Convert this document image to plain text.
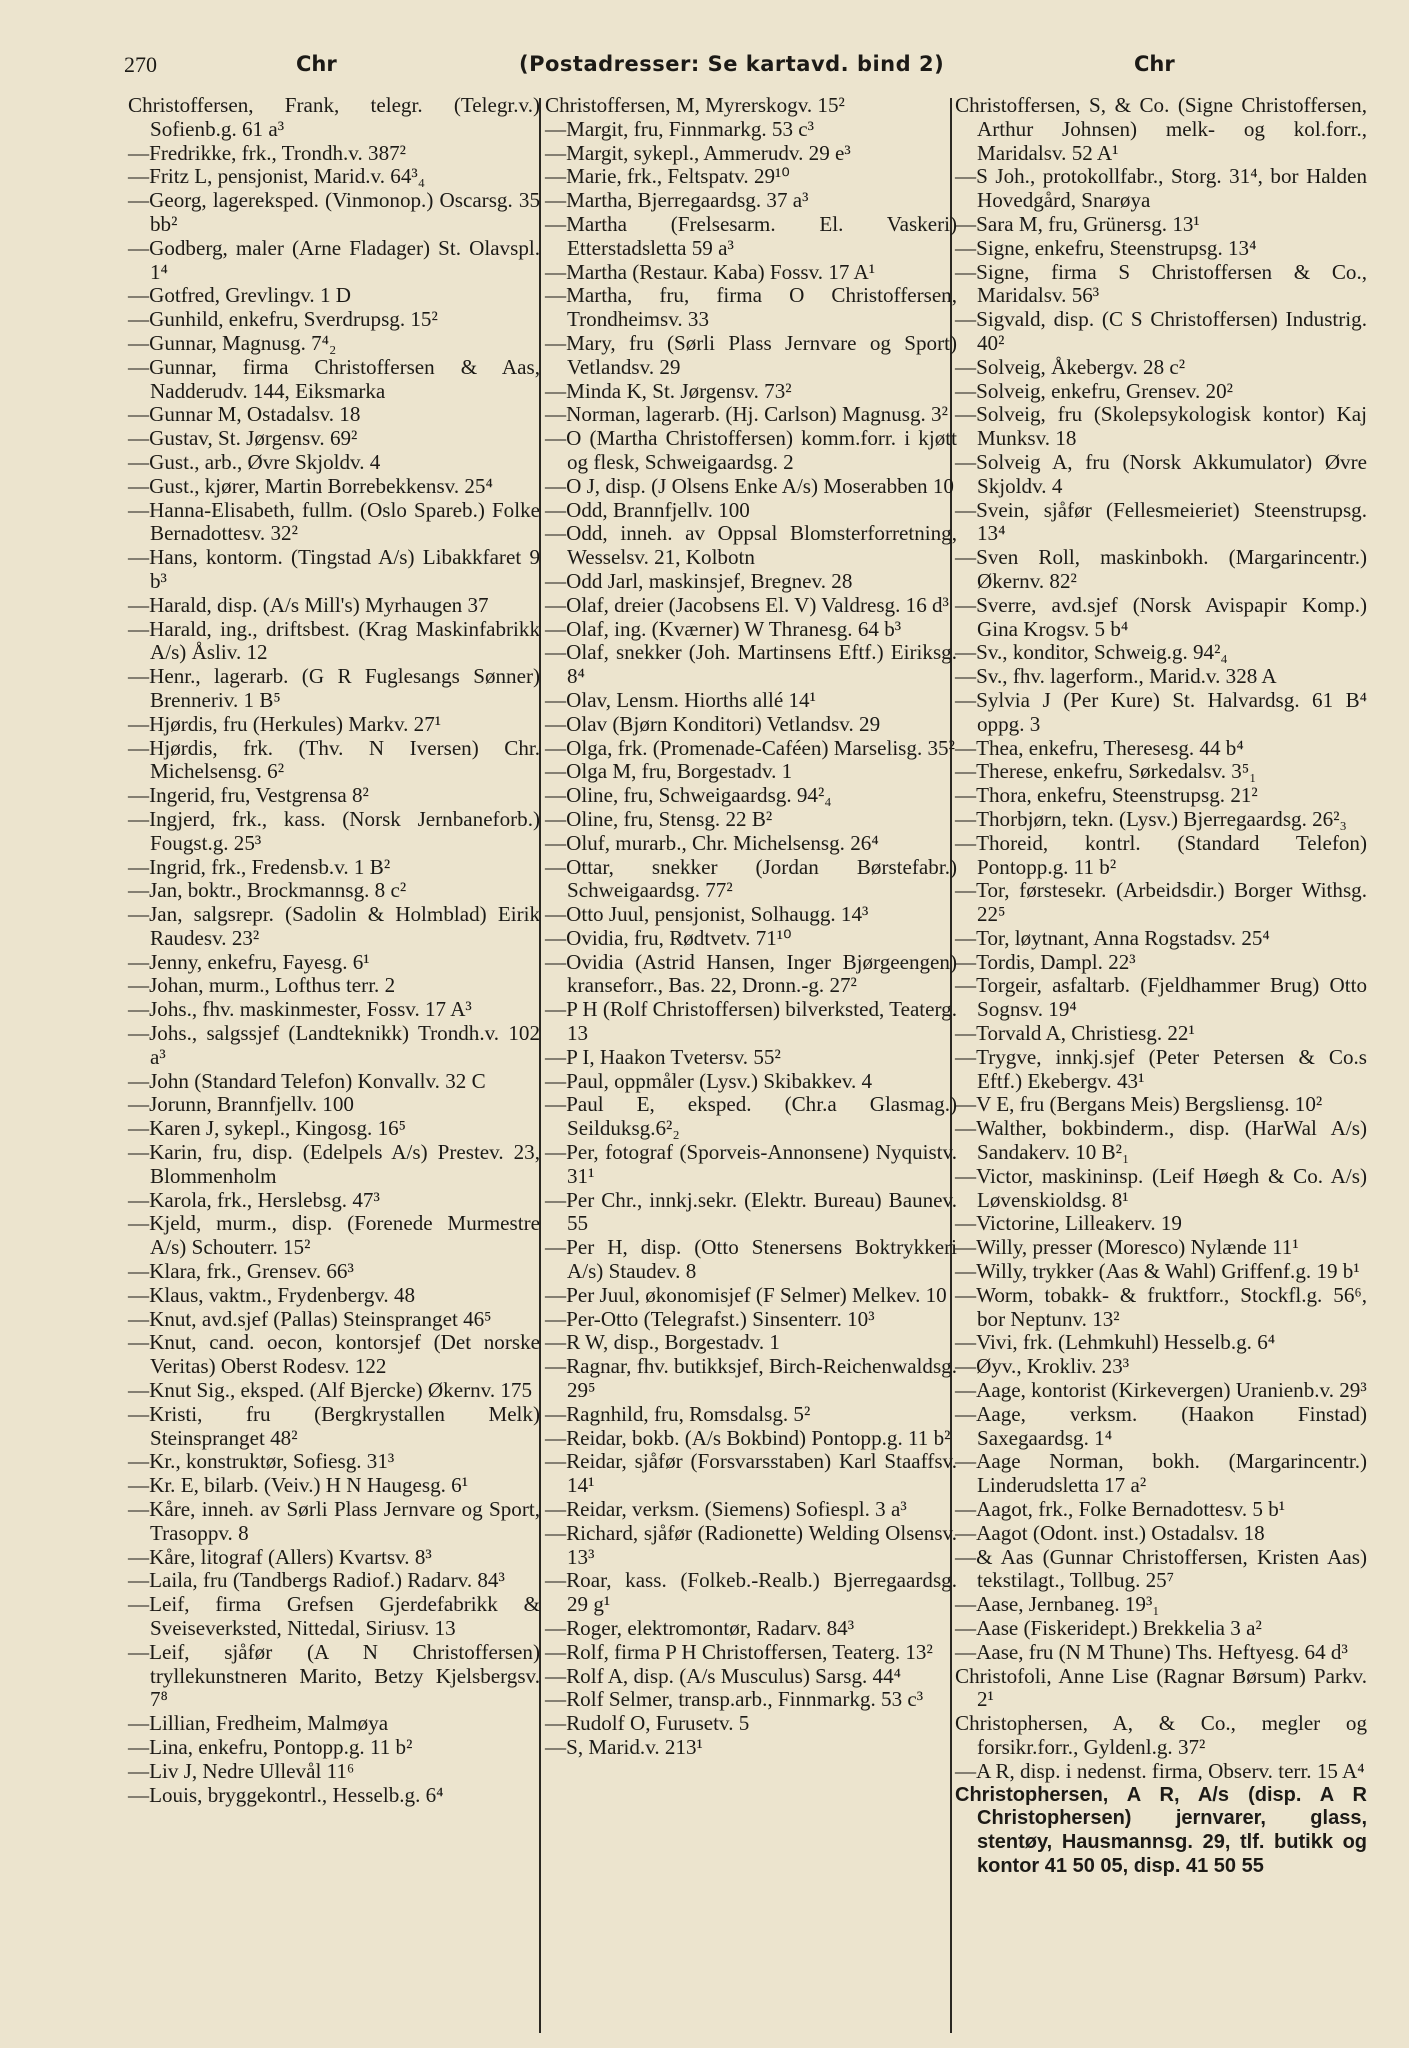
270	Chr	(Postadresser: Se kartavd. bind 2)	Chr

Christoffersen, Frank, telegr. (Telegr.v.) Sofienb.g. 61 a³

—Fredrikke, frk., Trondh.v. 387²

—Fritz L, pensjonist, Marid.v. 64³₄

—Georg, lagereksped. (Vinmonop.) Oscarsg. 35 bb²

—Godberg, maler (Arne Fladager) St. Olavspl. 1⁴

—Gotfred, Grevlingv. 1 D

—Gunhild, enkefru, Sverdrupsg. 15²

—Gunnar, Magnusg. 7⁴₂

—Gunnar, firma Christoffersen & Aas, Nadderudv. 144, Eiksmarka

—Gunnar M, Ostadalsv. 18

—Gustav, St. Jørgensv. 69²

—Gust., arb., Øvre Skjoldv. 4

—Gust., kjører, Martin Borrebekkensv. 25⁴

—Hanna-Elisabeth, fullm. (Oslo Spareb.) Folke Bernadottesv. 32²

—Hans, kontorm. (Tingstad A/s) Libakkfaret 9 b³

—Harald, disp. (A/s Mill's) Myrhaugen 37

—Harald, ing., driftsbest. (Krag Maskinfabrikk A/s) Åsliv. 12

—Henr., lagerarb. (G R Fuglesangs Sønner) Brenneriv. 1 B⁵

—Hjørdis, fru (Herkules) Markv. 27¹

—Hjørdis, frk. (Thv. N Iversen) Chr. Michelsensg. 6²

—Ingerid, fru, Vestgrensa 8²

—Ingjerd, frk., kass. (Norsk Jernbaneforb.) Fougst.g. 25³

—Ingrid, frk., Fredensb.v. 1 B²

—Jan, boktr., Brockmannsg. 8 c²

—Jan, salgsrepr. (Sadolin & Holmblad) Eirik Raudesv. 23²

—Jenny, enkefru, Fayesg. 6¹

—Johan, murm., Lofthus terr. 2

—Johs., fhv. maskinmester, Fossv. 17 A³

—Johs., salgssjef (Landteknikk) Trondh.v. 102 a³

—John (Standard Telefon) Konvallv. 32 C

—Jorunn, Brannfjellv. 100

—Karen J, sykepl., Kingosg. 16⁵

—Karin, fru, disp. (Edelpels A/s) Prestev. 23, Blommenholm

—Karola, frk., Herslebsg. 47³

—Kjeld, murm., disp. (Forenede Murmestre A/s) Schouterr. 15²

—Klara, frk., Grensev. 66³

—Klaus, vaktm., Frydenbergv. 48

—Knut, avd.sjef (Pallas) Steinspranget 46⁵

—Knut, cand. oecon, kontorsjef (Det norske Veritas) Oberst Rodesv. 122

—Knut Sig., eksped. (Alf Bjercke) Økernv. 175

—Kristi, fru (Bergkrystallen Melk) Steinspranget 48²

—Kr., konstruktør, Sofiesg. 31³

—Kr. E, bilarb. (Veiv.) H N Haugesg. 6¹

—Kåre, inneh. av Sørli Plass Jernvare og Sport, Trasoppv. 8

—Kåre, litograf (Allers) Kvartsv. 8³

—Laila, fru (Tandbergs Radiof.) Radarv. 84³

—Leif, firma Grefsen Gjerdefabrikk & Sveiseverksted, Nittedal, Siriusv. 13

—Leif, sjåfør (A N Christoffersen) tryllekunstneren Marito, Betzy Kjelsbergsv. 7⁸

—Lillian, Fredheim, Malmøya

—Lina, enkefru, Pontopp.g. 11 b²

—Liv J, Nedre Ullevål 11⁶

—Louis, bryggekontrl., Hesselb.g. 6⁴

Christoffersen, M, Myrerskogv. 15²

—Margit, fru, Finnmarkg. 53 c³

—Margit, sykepl., Ammerudv. 29 e³

—Marie, frk., Feltspatv. 29¹⁰

—Martha, Bjerregaardsg. 37 a³

—Martha (Frelsesarm. El. Vaskeri) Etterstadsletta 59 a³

—Martha (Restaur. Kaba) Fossv. 17 A¹

—Martha, fru, firma O Christoffersen, Trondheimsv. 33

—Mary, fru (Sørli Plass Jernvare og Sport) Vetlandsv. 29

—Minda K, St. Jørgensv. 73²

—Norman, lagerarb. (Hj. Carlson) Magnusg. 3²

—O (Martha Christoffersen) komm.forr. i kjøtt og flesk, Schweigaardsg. 2

—O J, disp. (J Olsens Enke A/s) Moserabben 10

—Odd, Brannfjellv. 100

—Odd, inneh. av Oppsal Blomsterforretning, Wesselsv. 21, Kolbotn

—Odd Jarl, maskinsjef, Bregnev. 28

—Olaf, dreier (Jacobsens El. V) Valdresg. 16 d³

—Olaf, ing. (Kværner) W Thranesg. 64 b³

—Olaf, snekker (Joh. Martinsens Eftf.) Eiriksg. 8⁴

—Olav, Lensm. Hiorths allé 14¹

—Olav (Bjørn Konditori) Vetlandsv. 29

—Olga, frk. (Promenade-Caféen) Marselisg. 35²

—Olga M, fru, Borgestadv. 1

—Oline, fru, Schweigaardsg. 94²₄

—Oline, fru, Stensg. 22 B²

—Oluf, murarb., Chr. Michelsensg. 26⁴

—Ottar, snekker (Jordan Børstefabr.) Schweigaardsg. 77²

—Otto Juul, pensjonist, Solhaugg. 14³

—Ovidia, fru, Rødtvetv. 71¹⁰

—Ovidia (Astrid Hansen, Inger Bjørgeengen) kranseforr., Bas. 22, Dronn.-g. 27²

—P H (Rolf Christoffersen) bilverksted, Teaterg. 13

—P I, Haakon Tvetersv. 55²

—Paul, oppmåler (Lysv.) Skibakkev. 4

—Paul E, eksped. (Chr.a Glasmag.) Seilduksg.6²₂

—Per, fotograf (Sporveis-Annonsene) Nyquistv. 31¹

—Per Chr., innkj.sekr. (Elektr. Bureau) Baunev. 55

—Per H, disp. (Otto Stenersens Boktrykkeri A/s) Staudev. 8

—Per Juul, økonomisjef (F Selmer) Melkev. 10

—Per-Otto (Telegrafst.) Sinsenterr. 10³

—R W, disp., Borgestadv. 1

—Ragnar, fhv. butikksjef, Birch-Reichenwaldsg. 29⁵

—Ragnhild, fru, Romsdalsg. 5²

—Reidar, bokb. (A/s Bokbind) Pontopp.g. 11 b²

—Reidar, sjåfør (Forsvarsstaben) Karl Staaffsv. 14¹

—Reidar, verksm. (Siemens) Sofiespl. 3 a³

—Richard, sjåfør (Radionette) Welding Olsensv. 13³

—Roar, kass. (Folkeb.-Realb.) Bjerregaardsg. 29 g¹

—Roger, elektromontør, Radarv. 84³

—Rolf, firma P H Christoffersen, Teaterg. 13²

—Rolf A, disp. (A/s Musculus) Sarsg. 44⁴

—Rolf Selmer, transp.arb., Finnmarkg. 53 c³

—Rudolf O, Furusetv. 5

—S, Marid.v. 213¹

Christoffersen, S, & Co. (Signe Christoffersen, Arthur Johnsen) melk- og kol.forr., Maridalsv. 52 A¹

—S Joh., protokollfabr., Storg. 31⁴, bor Halden Hovedgård, Snarøya

—Sara M, fru, Grünersg. 13¹

—Signe, enkefru, Steenstrupsg. 13⁴

—Signe, firma S Christoffersen & Co., Maridalsv. 56³

—Sigvald, disp. (C S Christoffersen) Industrig. 40²

—Solveig, Åkebergv. 28 c²

—Solveig, enkefru, Grensev. 20²

—Solveig, fru (Skolepsykologisk kontor) Kaj Munksv. 18

—Solveig A, fru (Norsk Akkumulator) Øvre Skjoldv. 4

—Svein, sjåfør (Fellesmeieriet) Steenstrupsg. 13⁴

—Sven Roll, maskinbokh. (Margarincentr.) Økernv. 82²

—Sverre, avd.sjef (Norsk Avispapir Komp.) Gina Krogsv. 5 b⁴

—Sv., konditor, Schweig.g. 94²₄

—Sv., fhv. lagerform., Marid.v. 328 A

—Sylvia J (Per Kure) St. Halvardsg. 61 B⁴ oppg. 3

—Thea, enkefru, Theresesg. 44 b⁴

—Therese, enkefru, Sørkedalsv. 3⁵₁

—Thora, enkefru, Steenstrupsg. 21²

—Thorbjørn, tekn. (Lysv.) Bjerregaardsg. 26²₃

—Thoreid, kontrl. (Standard Telefon) Pontopp.g. 11 b²

—Tor, førstesekr. (Arbeidsdir.) Borger Withsg. 22⁵

—Tor, løytnant, Anna Rogstadsv. 25⁴

—Tordis, Dampl. 22³

—Torgeir, asfaltarb. (Fjeldhammer Brug) Otto Sognsv. 19⁴

—Torvald A, Christiesg. 22¹

—Trygve, innkj.sjef (Peter Petersen & Co.s Eftf.) Ekebergv. 43¹

—V E, fru (Bergans Meis) Bergsliensg. 10²

—Walther, bokbinderm., disp. (HarWal A/s) Sandakerv. 10 B²₁

—Victor, maskininsp. (Leif Høegh & Co. A/s) Løvenskioldsg. 8¹

—Victorine, Lilleakerv. 19

—Willy, presser (Moresco) Nylænde 11¹

—Willy, trykker (Aas & Wahl) Griffenf.g. 19 b¹

—Worm, tobakk- & fruktforr., Stockfl.g. 56⁶, bor Neptunv. 13²

—Vivi, frk. (Lehmkuhl) Hesselb.g. 6⁴

—Øyv., Krokliv. 23³

—Aage, kontorist (Kirkevergen) Uranienb.v. 29³

—Aage, verksm. (Haakon Finstad) Saxegaardsg. 1⁴

—Aage Norman, bokh. (Margarincentr.) Linderudsletta 17 a²

—Aagot, frk., Folke Bernadottesv. 5 b¹

—Aagot (Odont. inst.) Ostadalsv. 18

—& Aas (Gunnar Christoffersen, Kristen Aas) tekstilagt., Tollbug. 25⁷

—Aase, Jernbaneg. 19³₁

—Aase (Fiskeridept.) Brekkelia 3 a²

—Aase, fru (N M Thune) Ths. Heftyesg. 64 d³

Christofoli, Anne Lise (Ragnar Børsum) Parkv. 2¹

Christophersen, A, & Co., megler og forsikr.forr., Gyldenl.g. 37²

—A R, disp. i nedenst. firma, Observ. terr. 15 A⁴

Christophersen, A R, A/s (disp. A R Christophersen) jernvarer, glass, stentøy, Hausmannsg. 29, tlf. butikk og kontor 41 50 05, disp. 41 50 55
